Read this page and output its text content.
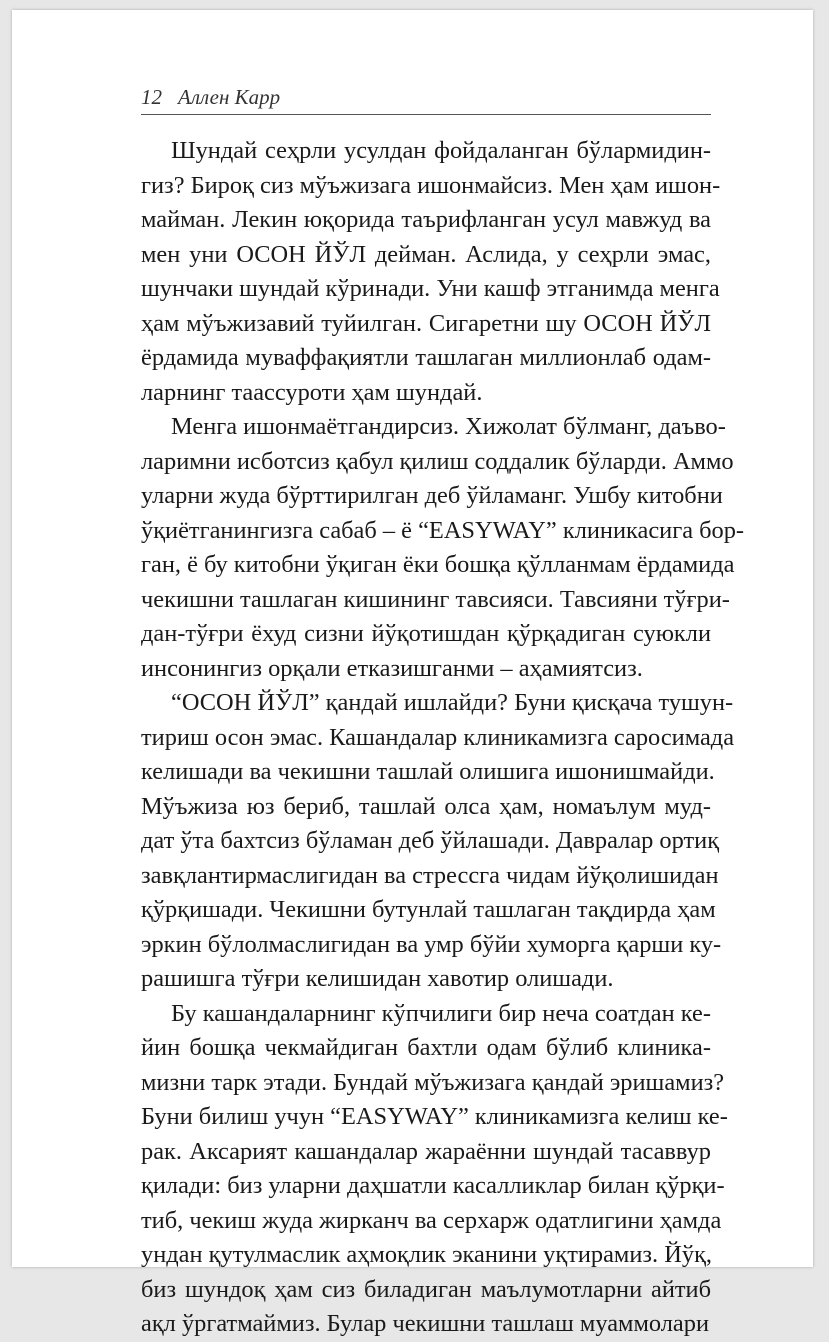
12 Аллен Карр
Шундай сеҳрли усулдан фойдаланган бўлармидин-
гиз? Бироқ сиз мўъжизага ишонмайсиз. Мен ҳам ишон-
майман. Лекин юқорида таърифланган усул мавжуд ва
мен уни ОСОН ЙЎЛ дейман. Аслида, у сеҳрли эмас,
шунчаки шундай кўринади. Уни кашф этганимда менга
ҳам мўъжизавий туйилган. Сигаретни шу ОСОН ЙЎЛ
ёрдамида муваффақиятли ташлаган миллионлаб одам-
ларнинг таассуроти ҳам шундай.
Менга ишонмаётгандирсиз. Хижолат бўлманг, даъво-
ларимни исботсиз қабул қилиш соддалик бўларди. Аммо
уларни жуда бўрттирилган деб ўйламанг. Ушбу китобни
ўқиётганингизга сабаб – ё “EASYWAY” клиникасига бор-
ган, ё бу китобни ўқиган ёки бошқа қўлланмам ёрдамида
чекишни ташлаган кишининг тавсияси. Тавсияни тўғри-
дан-тўғри ёхуд сизни йўқотишдан қўрқадиган суюкли
инсонингиз орқали етказишганми – аҳамиятсиз.
“ОСОН ЙЎЛ” қандай ишлайди? Буни қисқача тушун-
тириш осон эмас. Кашандалар клиникамизга саросимада
келишади ва чекишни ташлай олишига ишонишмайди.
Мўъжиза юз бериб, ташлай олса ҳам, номаълум муд-
дат ўта бахтсиз бўламан деб ўйлашади. Давралар ортиқ
завқлантирмаслигидан ва стрессга чидам йўқолишидан
қўрқишади. Чекишни бутунлай ташлаган тақдирда ҳам
эркин бўлолмаслигидан ва умр бўйи хуморга қарши ку-
рашишга тўғри келишидан хавотир олишади.
Бу кашандаларнинг кўпчилиги бир неча соатдан ке-
йин бошқа чекмайдиган бахтли одам бўлиб клиника-
мизни тарк этади. Бундай мўъжизага қандай эришамиз?
Буни билиш учун “EASYWAY” клиникамизга келиш ке-
рак. Аксарият кашандалар жараённи шундай тасаввур
қилади: биз уларни даҳшатли касалликлар билан қўрқи-
тиб, чекиш жуда жирканч ва серхарж одатлигини ҳамда
ундан қутулмаслик аҳмоқлик эканини уқтирамиз. Йўқ,
биз шундоқ ҳам сиз биладиган маълумотларни айтиб
ақл ўргатмаймиз. Булар чекишни ташлаш муаммолари
